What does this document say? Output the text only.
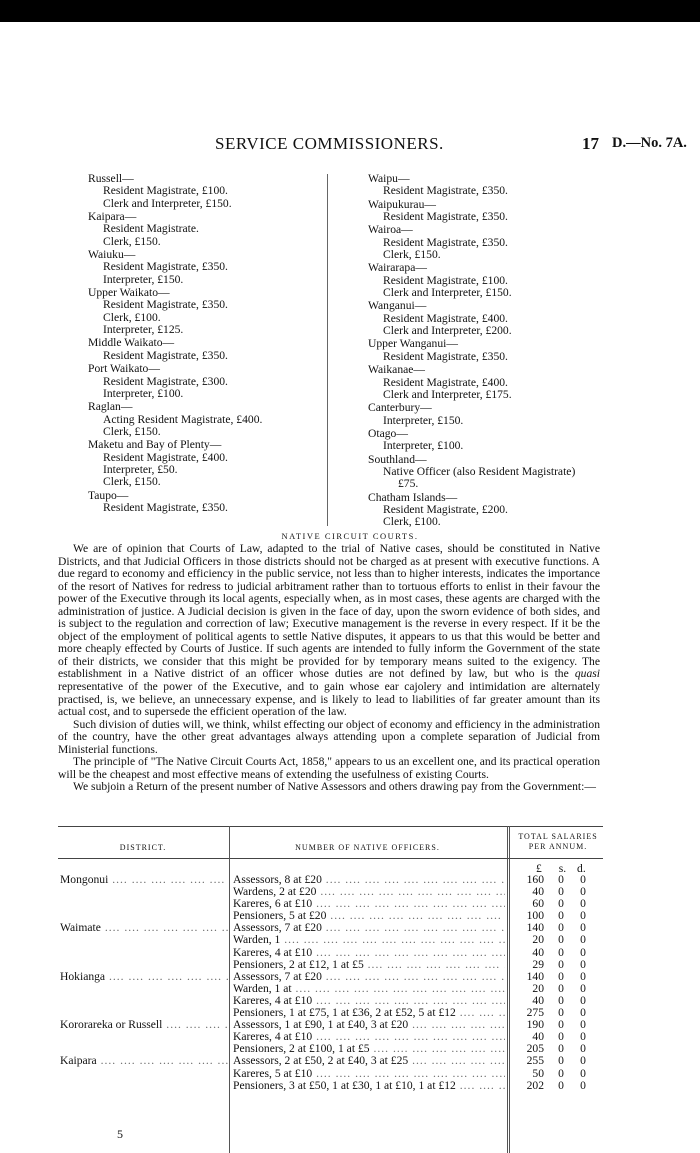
SERVICE COMMISSIONERS.	17 D.—No. 7A.
Russell—
Resident Magistrate, £100.
Clerk and Interpreter, £150.
Kaipara—
Resident Magistrate.
Clerk, £150.
Waiuku—
Resident Magistrate, £350.
Interpreter, £150.
Upper Waikato—
Resident Magistrate, £350.
Clerk, £100.
Interpreter, £125.
Middle Waikato—
Resident Magistrate, £350.
Port Waikato—
Resident Magistrate, £300.
Interpreter, £100.
Raglan—
Acting Resident Magistrate, £400.
Clerk, £150.
Maketu and Bay of Plenty—
Resident Magistrate, £400.
Interpreter, £50.
Clerk, £150.
Taupo—
Resident Magistrate, £350.
Waipu—
Resident Magistrate, £350.
Waipukurau—
Resident Magistrate, £350.
Wairoa—
Resident Magistrate, £350.
Clerk, £150.
Wairarapa—
Resident Magistrate, £100.
Clerk and Interpreter, £150.
Wanganui—
Resident Magistrate, £400.
Clerk and Interpreter, £200.
Upper Wanganui—
Resident Magistrate, £350.
Waikanae—
Resident Magistrate, £400.
Clerk and Interpreter, £175.
Canterbury—
Interpreter, £150.
Otago—
Interpreter, £100.
Southland—
Native Officer (also Resident Magistrate)
£75.
Chatham Islands—
Resident Magistrate, £200.
Clerk, £100.
NATIVE CIRCUIT COURTS.

We are of opinion that Courts of Law, adapted to the trial of Native cases, should be constituted in Native Districts, and that Judicial Officers in those districts should not be charged as at present with executive functions. A due regard to economy and efficiency in the public service, not less than to higher interests, indicates the importance of the resort of Natives for redress to judicial arbitrament rather than to tortuous efforts to enlist in their favour the power of the Executive through its local agents, especially when, as in most cases, these agents are charged with the administration of justice. A Judicial decision is given in the face of day, upon the sworn evidence of both sides, and is subject to the regulation and correction of law; Executive management is the reverse in every respect. If it be the object of the employment of political agents to settle Native disputes, it appears to us that this would be better and more cheaply effected by Courts of Justice. If such agents are intended to fully inform the Government of the state of their districts, we consider that this might be provided for by temporary means suited to the exigency. The establishment in a Native district of an officer whose duties are not defined by law, but who is the quasi representative of the power of the Executive, and to gain whose ear cajolery and intimidation are alternately practised, is, we believe, an unnecessary expense, and is likely to lead to liabilities of far greater amount than its actual cost, and to supersede the efficient operation of the law.

Such division of duties will, we think, whilst effecting our object of economy and efficiency in the administration of the country, have the other great advantages always attending upon a complete separation of Judicial from Ministerial functions.

The principle of "The Native Circuit Courts Act, 1858," appears to us an excellent one, and its practical operation will be the cheapest and most effective means of extending the usefulness of existing Courts.

We subjoin a Return of the present number of Native Assessors and others drawing pay from the Government:—

DISTRICT.	NUMBER OF NATIVE OFFICERS.
TOTAL SALARIES
PER ANNUM.
£ s. d.
Mongonui ....	Assessors, 8 at £20 ....	160 0 0
Wardens, 2 at £20 ....	40 0 0
Kareres, 6 at £10 ....	60 0 0
Pensioners, 5 at £20 ....	100 0 0
Waimate ....	Assessors, 7 at £20 ....	140 0 0
Warden, 1 ....	20 0 0
Kareres, 4 at £10 ....	40 0 0
Pensioners, 2 at £12, 1 at £5 ....	29 0 0
Hokianga ....	Assessors, 7 at £20 ....	140 0 0
Warden, 1 at ....	20 0 0
Kareres, 4 at £10 ....	40 0 0
Pensioners, 1 at £75, 1 at £36, 2 at £52, 5 at £12 ....	275 0 0
Kororareka or Russell ....	Assessors, 1 at £90, 1 at £40, 3 at £20 ....	190 0 0
Kareres, 4 at £10 ....	40 0 0
Pensioners, 2 at £100, 1 at £5 ....	205 0 0
Kaipara ....	Assessors, 2 at £50, 2 at £40, 3 at £25 ....	255 0 0
Kareres, 5 at £10 ....	50 0 0
Pensioners, 3 at £50, 1 at £30, 1 at £10, 1 at £12 ....	202 0 0
5
